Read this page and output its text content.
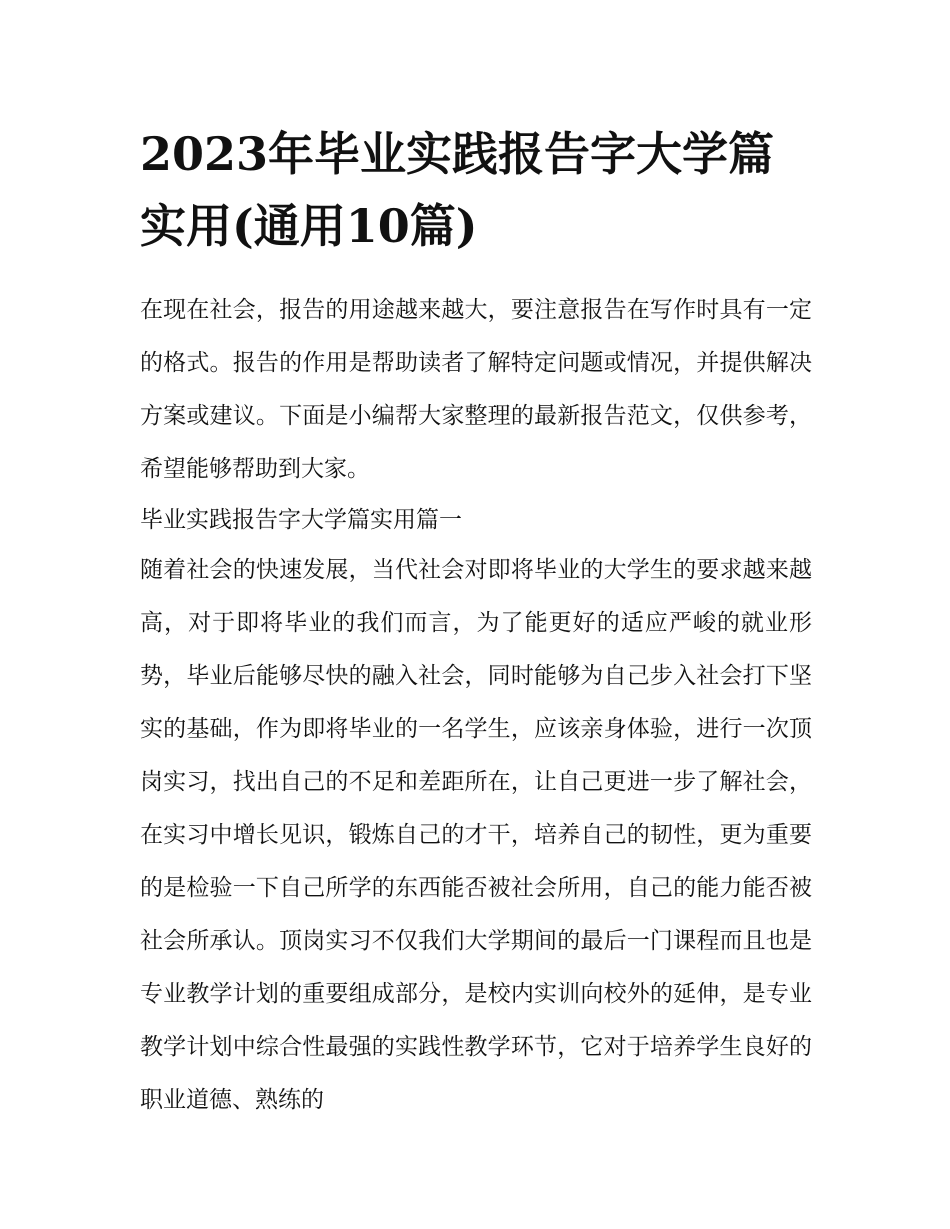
2023年毕业实践报告字大学篇实用(通用10篇)

在现在社会，报告的用途越来越大，要注意报告在写作时具有一定的格式。报告的作用是帮助读者了解特定问题或情况，并提供解决方案或建议。下面是小编帮大家整理的最新报告范文，仅供参考，希望能够帮助到大家。

毕业实践报告字大学篇实用篇一

随着社会的快速发展，当代社会对即将毕业的大学生的要求越来越高，对于即将毕业的我们而言，为了能更好的适应严峻的就业形势，毕业后能够尽快的融入社会，同时能够为自己步入社会打下坚实的基础，作为即将毕业的一名学生，应该亲身体验，进行一次顶岗实习，找出自己的不足和差距所在，让自己更进一步了解社会，在实习中增长见识，锻炼自己的才干，培养自己的韧性，更为重要的是检验一下自己所学的东西能否被社会所用，自己的能力能否被社会所承认。顶岗实习不仅我们大学期间的最后一门课程而且也是专业教学计划的重要组成部分，是校内实训向校外的延伸，是专业教学计划中综合性最强的实践性教学环节，它对于培养学生良好的职业道德、熟练的
